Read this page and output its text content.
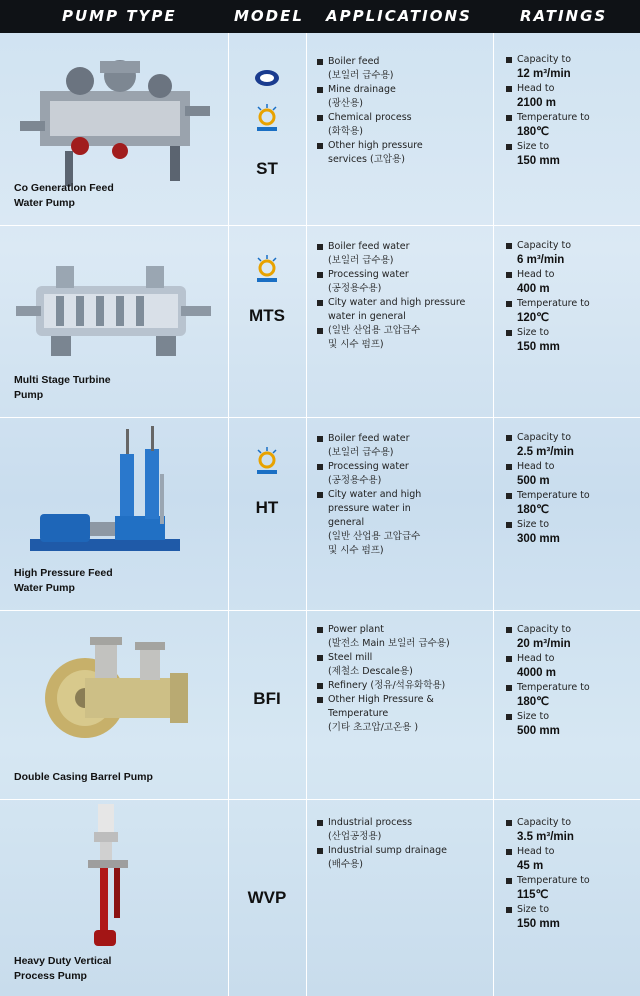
PUMP TYPE	MODEL APPLICATIONS	RATINGS
Co Generation Feed
Water Pump
ST
Boiler feed
(보일러 급수용)
Mine drainage
(광산용)
Chemical process
(화학용)
Other high pressure
services (고압용)
Capacity to
12 m³/min
Head to
2100 m
Temperature to
180℃
Size to
150 mm
Multi Stage Turbine
Pump
MTS
Boiler feed water
(보일러 급수용)
Processing water
(공정용수용)
City water and high pressure
water in general
(일반 산업용 고압급수
및 시수 펌프)
Capacity to
6 m³/min
Head to
400 m
Temperature to
120℃
Size to
150 mm
High Pressure Feed
Water Pump
HT
Boiler feed water
(보일러 급수용)
Processing water
(공정용수용)
City water and high
pressure water in
general
(일반 산업용 고압급수
및 시수 펌프)
Capacity to
2.5 m³/min
Head to
500 m
Temperature to
180℃
Size to
300 mm
Double Casing Barrel Pump
BFI
Power plant
(발전소 Main 보일러 급수용)
Steel mill
(제철소 Descale용)
Refinery (정유/석유화학용)
Other High Pressure &
Temperature
(기타 초고압/고온용 )
Capacity to
20 m³/min
Head to
4000 m
Temperature to
180℃
Size to
500 mm
Heavy Duty Vertical
Process Pump
WVP
Industrial process
(산업공정용)
Industrial sump drainage
(배수용)
Capacity to
3.5 m³/min
Head to
45 m
Temperature to
115℃
Size to
150 mm
